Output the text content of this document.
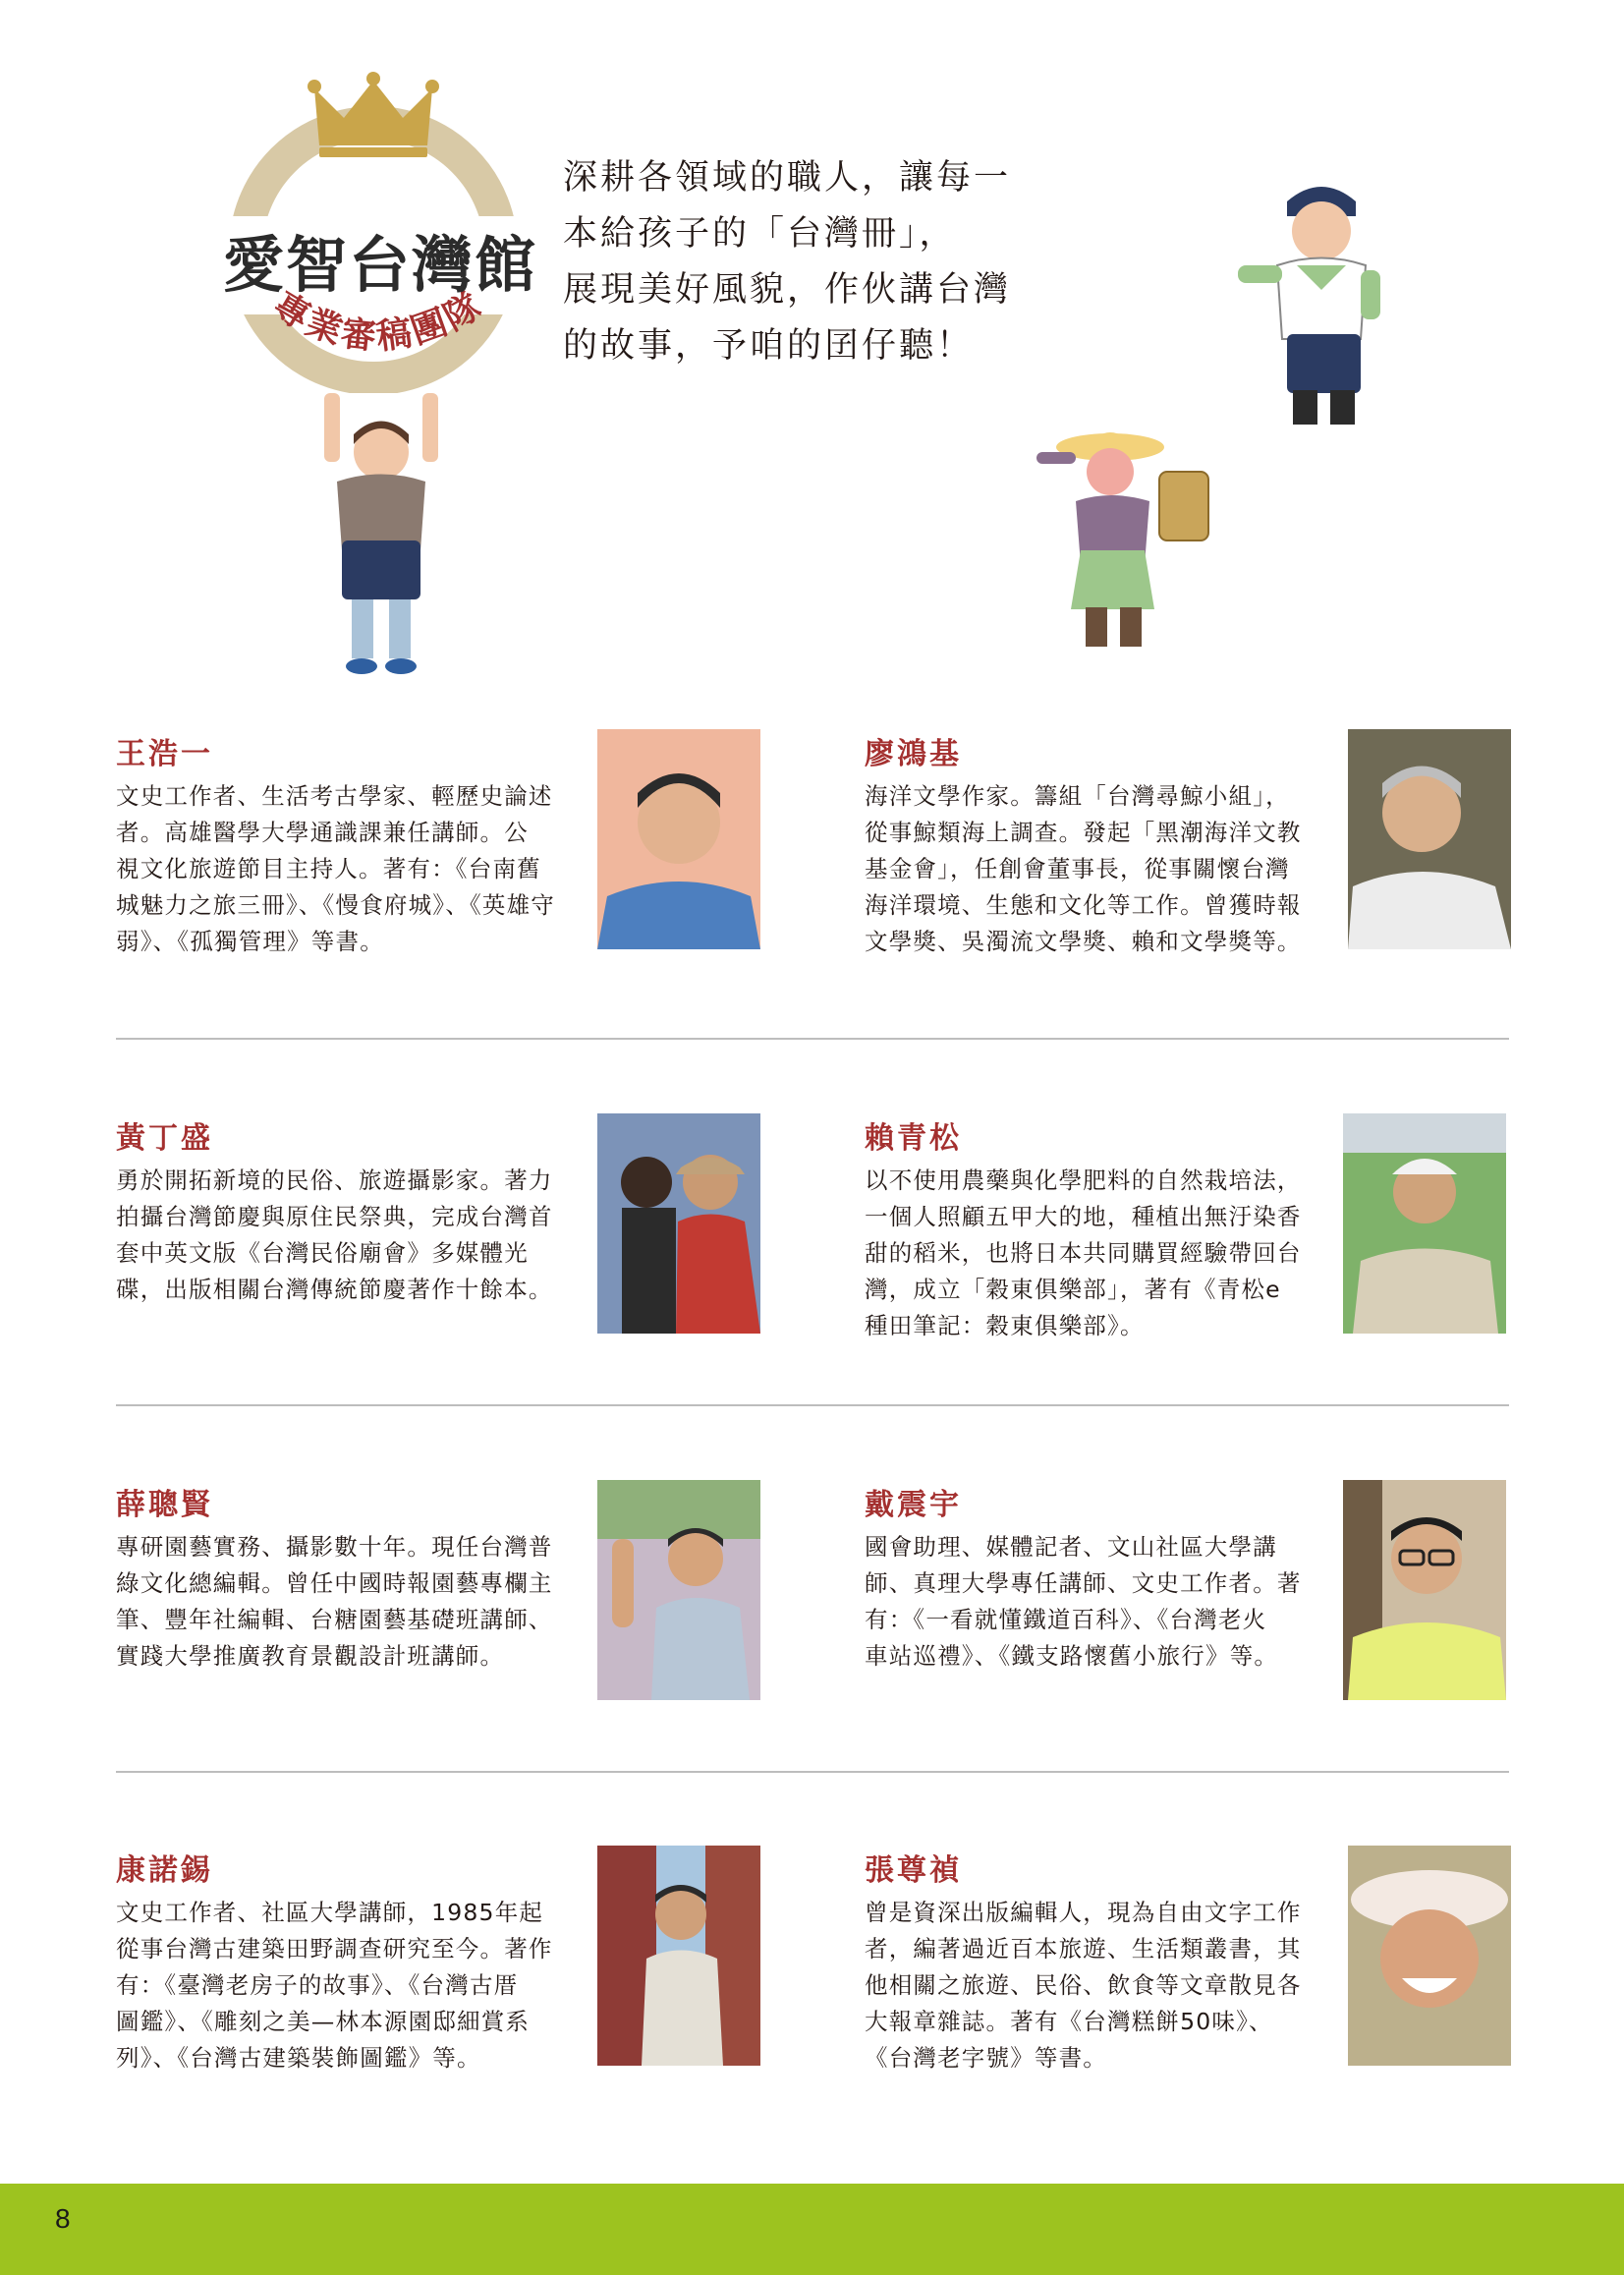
專業審稿團隊
愛智台灣館
深耕各領域的職人，讓每一
本給孩子的「台灣冊」，
展現美好風貌，作伙講台灣
的故事，予咱的囝仔聽！
王浩一
文史工作者、生活考古學家、輕歷史論述
者。高雄醫學大學通識課兼任講師。公
視文化旅遊節目主持人。著有：《台南舊
城魅力之旅三冊》、《慢食府城》、《英雄守
弱》、《孤獨管理》等書。
廖鴻基
海洋文學作家。籌組「台灣尋鯨小組」，
從事鯨類海上調查。發起「黑潮海洋文教
基金會」，任創會董事長，從事關懷台灣
海洋環境、生態和文化等工作。曾獲時報
文學獎、吳濁流文學獎、賴和文學獎等。
黃丁盛
勇於開拓新境的民俗、旅遊攝影家。著力
拍攝台灣節慶與原住民祭典，完成台灣首
套中英文版《台灣民俗廟會》多媒體光
碟，出版相關台灣傳統節慶著作十餘本。
賴青松
以不使用農藥與化學肥料的自然栽培法，
一個人照顧五甲大的地，種植出無汙染香
甜的稻米，也將日本共同購買經驗帶回台
灣，成立「穀東俱樂部」，著有《青松e
種田筆記：穀東俱樂部》。
薛聰賢
專研園藝實務、攝影數十年。現任台灣普
綠文化總編輯。曾任中國時報園藝專欄主
筆、豐年社編輯、台糖園藝基礎班講師、
實踐大學推廣教育景觀設計班講師。
戴震宇
國會助理、媒體記者、文山社區大學講
師、真理大學專任講師、文史工作者。著
有：《一看就懂鐵道百科》、《台灣老火
車站巡禮》、《鐵支路懷舊小旅行》等。
康諾錫
文史工作者、社區大學講師，1985年起
從事台灣古建築田野調查研究至今。著作
有：《臺灣老房子的故事》、《台灣古厝
圖鑑》、《雕刻之美—林本源園邸細賞系
列》、《台灣古建築裝飾圖鑑》等。
張尊禎
曾是資深出版編輯人，現為自由文字工作
者，編著過近百本旅遊、生活類叢書，其
他相關之旅遊、民俗、飲食等文章散見各
大報章雜誌。著有《台灣糕餅50味》、
《台灣老字號》等書。
8
